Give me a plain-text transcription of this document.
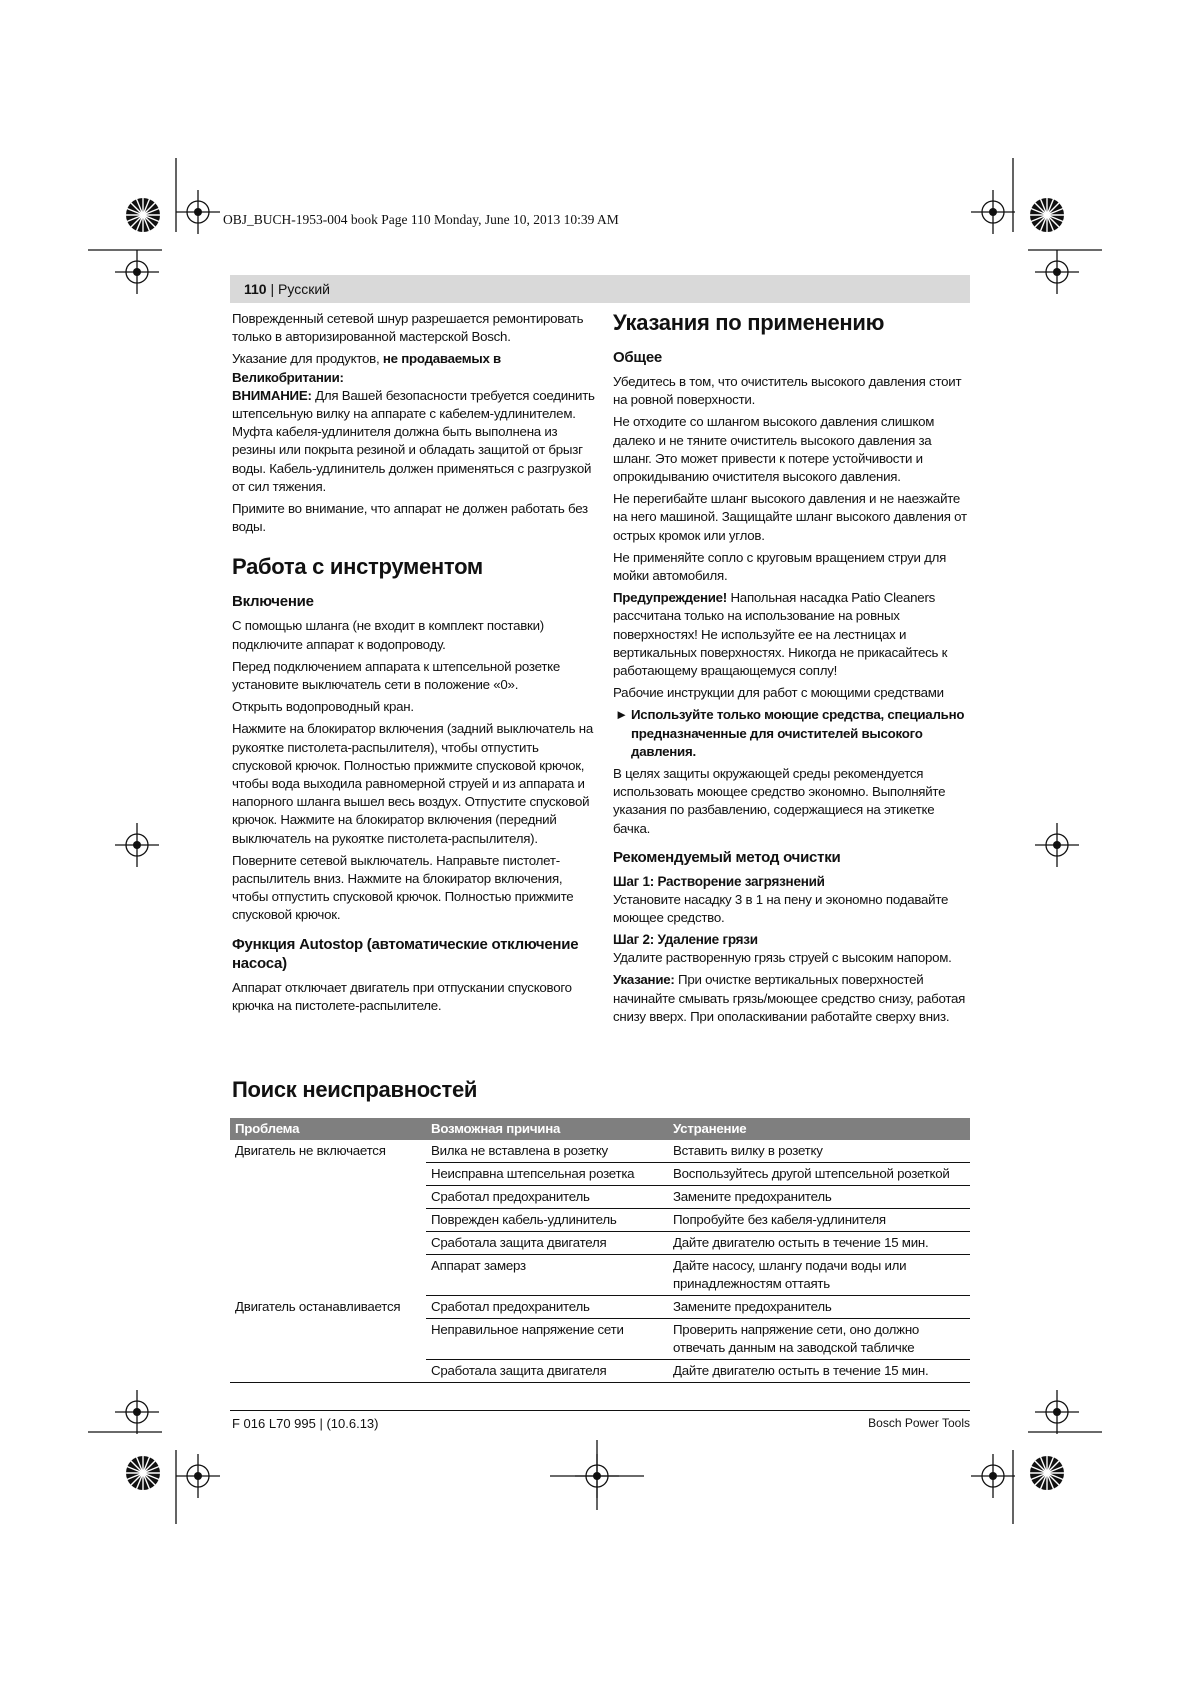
OBJ_BUCH-1953-004 book Page 110 Monday, June 10, 2013 10:39 AM
110 | Русский

Поврежденный сетевой шнур разрешается ремонтировать только в авторизированной мастерской Bosch.

Указание для продуктов, не продаваемых в Великобритании:
ВНИМАНИЕ: Для Вашей безопасности требуется соединить штепсельную вилку на аппарате с кабелем-удлинителем. Муфта кабеля-удлинителя должна быть выполнена из резины или покрыта резиной и обладать защитой от брызг воды. Кабель-удлинитель должен применяться с разгрузкой от сил тяжения.

Примите во внимание, что аппарат не должен работать без воды.

Работа с инструментом
Включение

С помощью шланга (не входит в комплект поставки) подключите аппарат к водопроводу.

Перед подключением аппарата к штепсельной розетке установите выключатель сети в положение «0».

Открыть водопроводный кран.

Нажмите на блокиратор включения (задний выключатель на рукоятке пистолета-распылителя), чтобы отпустить спусковой крючок. Полностью прижмите спусковой крючок, чтобы вода выходила равномерной струей и из аппарата и напорного шланга вышел весь воздух. Отпустите спусковой крючок. Нажмите на блокиратор включения (передний выключатель на рукоятке пистолета-распылителя).

Поверните сетевой выключатель. Направьте пистолет-распылитель вниз. Нажмите на блокиратор включения, чтобы отпустить спусковой крючок. Полностью прижмите спусковой крючок.

Функция Autostop (автоматические отключение насоса)

Аппарат отключает двигатель при отпускании спускового крючка на пистолете-распылителе.

Указания по применению
Общее

Убедитесь в том, что очиститель высокого давления стоит на ровной поверхности.

Не отходите со шлангом высокого давления слишком далеко и не тяните очиститель высокого давления за шланг. Это может привести к потере устойчивости и опрокидыванию очистителя высокого давления.

Не перегибайте шланг высокого давления и не наезжайте на него машиной. Защищайте шланг высокого давления от острых кромок или углов.

Не применяйте сопло с круговым вращением струи для мойки автомобиля.

Предупреждение! Напольная насадка Patio Cleaners рассчитана только на использование на ровных поверхностях! Не используйте ее на лестницах и вертикальных поверхностях. Никогда не прикасайтесь к работающему вращающемуся соплу!

Рабочие инструкции для работ с моющими средствами

► Используйте только моющие средства, специально предназначенные для очистителей высокого давления.

В целях защиты окружающей среды рекомендуется использовать моющее средство экономно. Выполняйте указания по разбавлению, содержащиеся на этикетке бачка.

Рекомендуемый метод очистки
Шаг 1: Растворение загрязнений

Установите насадку 3 в 1 на пену и экономно подавайте моющее средство.

Шаг 2: Удаление грязи

Удалите растворенную грязь струей с высоким напором.

Указание: При очистке вертикальных поверхностей начинайте смывать грязь/моющее средство снизу, работая снизу вверх. При ополаскивании работайте сверху вниз.

Поиск неисправностей
Проблема	Возможная причина	Устранение
Двигатель не включается	Вилка не вставлена в розетку	Вставить вилку в розетку
	Неисправна штепсельная розетка	Воспользуйтесь другой штепсельной розеткой
	Сработал предохранитель	Замените предохранитель
	Поврежден кабель-удлинитель	Попробуйте без кабеля-удлинителя
	Сработала защита двигателя	Дайте двигателю остыть в течение 15 мин.
	Аппарат замерз	Дайте насосу, шлангу подачи воды или принадлежностям оттаять
Двигатель останавливается	Сработал предохранитель	Замените предохранитель
	Неправильное напряжение сети	Проверить напряжение сети, оно должно отвечать данным на заводской табличке
	Сработала защита двигателя	Дайте двигателю остыть в течение 15 мин.
F 016 L70 995 | (10.6.13)	Bosch Power Tools
